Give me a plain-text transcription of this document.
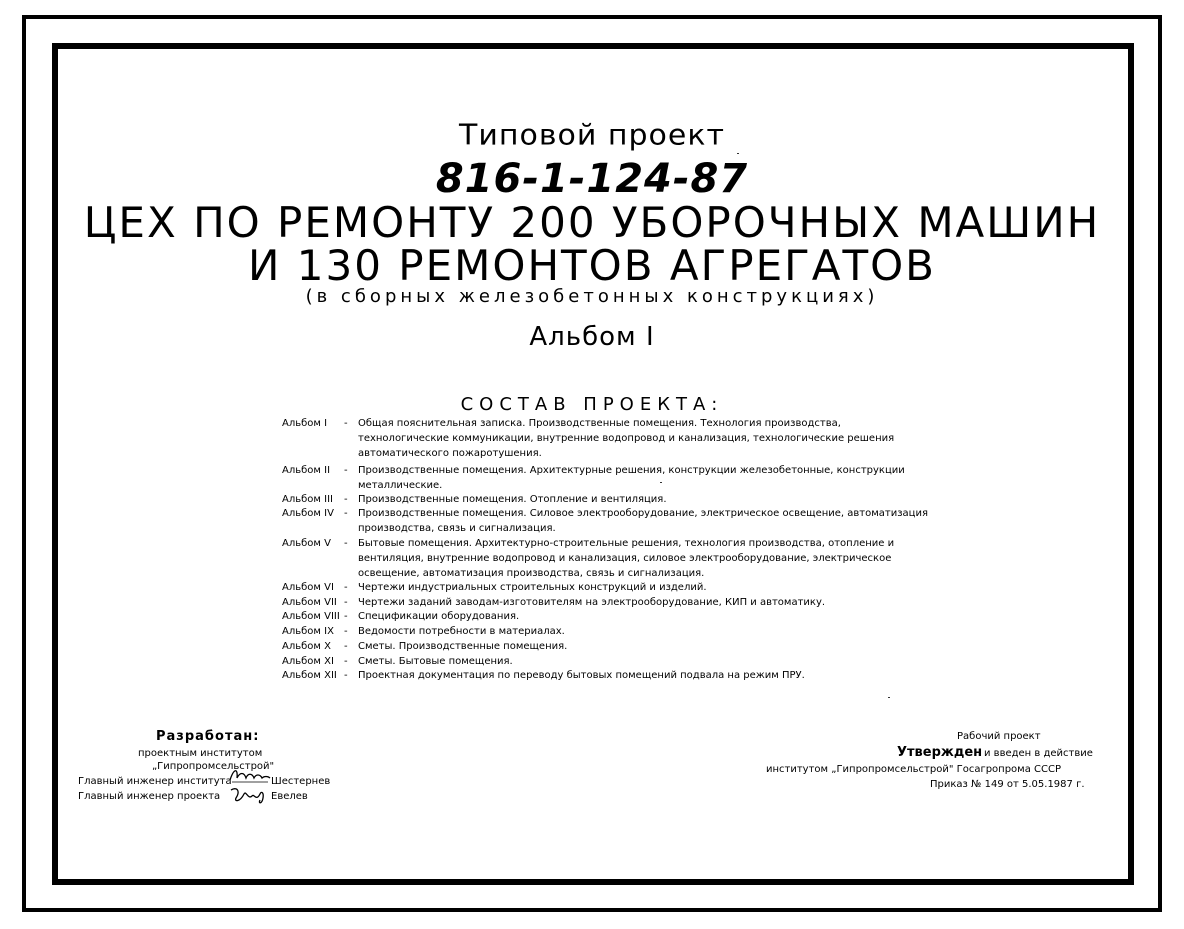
Типовой проект
816-1-124-87
ЦЕХ ПО РЕМОНТУ 200 УБОРОЧНЫХ МАШИН
И 130 РЕМОНТОВ АГРЕГАТОВ
(в сборных железобетонных конструкциях)
Альбом I
СОСТАВ ПРОЕКТА:
Альбом I	- Общая пояснительная записка. Производственные помещения. Технология производства, технологические коммуникации, внутренние водопровод и канализация, технологические решения автоматического пожаротушения.
Альбом II	- Производственные помещения. Архитектурные решения, конструкции железобетонные, конструкции металлические.
Альбом III	- Производственные помещения. Отопление и вентиляция.
Альбом IV	- Производственные помещения. Силовое электрооборудование, электрическое освещение, автоматизация производства, связь и сигнализация.
Альбом V	- Бытовые помещения. Архитектурно-строительные решения, технология производства, отопление и вентиляция, внутренние водопровод и канализация, силовое электрооборудование, электрическое освещение, автоматизация производства, связь и сигнализация.
Альбом VI	- Чертежи индустриальных строительных конструкций и изделий.
Альбом VII - Чертежи заданий заводам-изготовителям на электрооборудование, КИП и автоматику.
Альбом VIII - Спецификации оборудования.
Альбом IX	- Ведомости потребности в материалах.
Альбом X	- Сметы. Производственные помещения.
Альбом XI	- Сметы. Бытовые помещения.
Альбом XII - Проектная документация по переводу бытовых помещений подвала на режим ПРУ.
Разработан:
проектным институтом
„Гипропромсельстрой"
Главный инженер института
Главный инженер проекта
Шестернев
Евелев
Рабочий проект
Утвержден и введен в действие
институтом „Гипропромсельстрой" Госагропрома СССР
Приказ № 149 от 5.05.1987 г.
